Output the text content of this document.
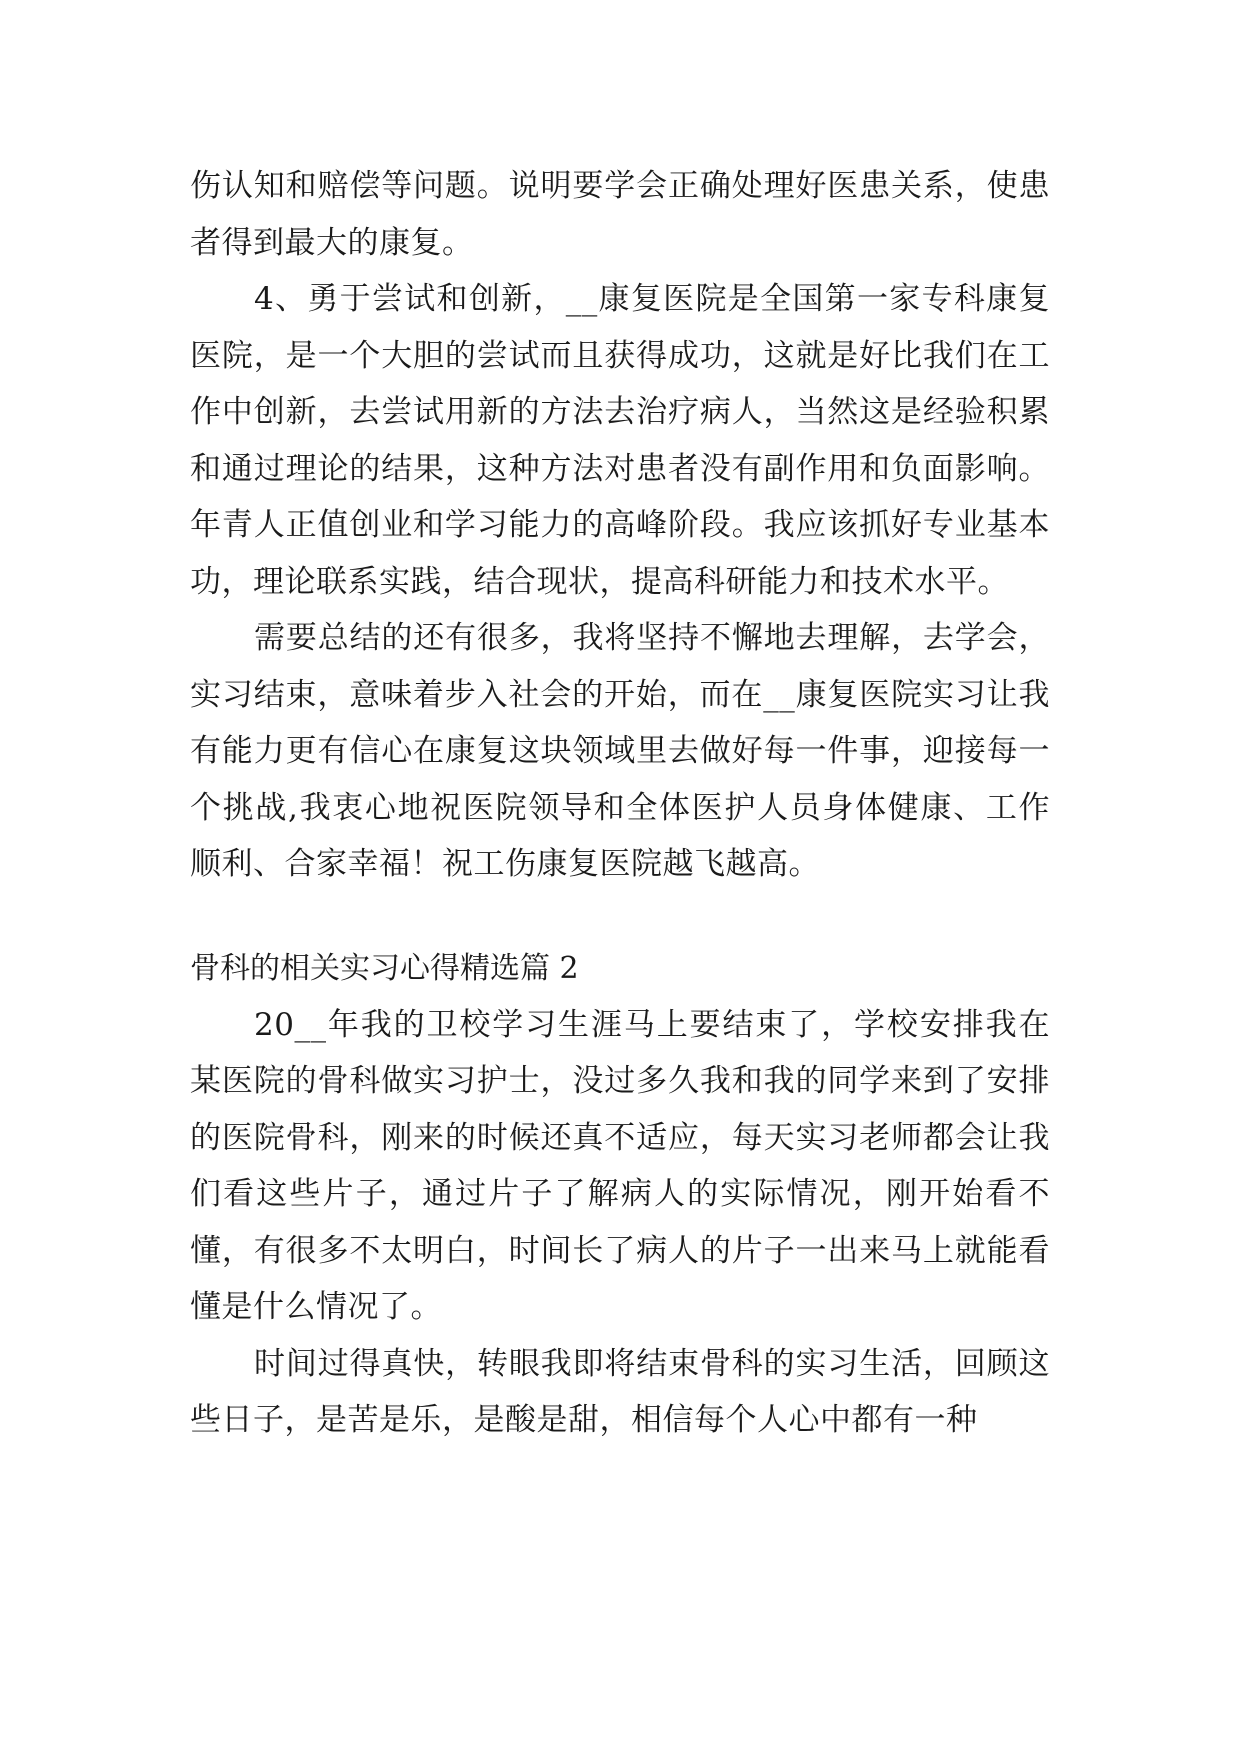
伤认知和赔偿等问题。说明要学会正确处理好医患关系，使患者得到最大的康复。

4、勇于尝试和创新，__康复医院是全国第一家专科康复医院，是一个大胆的尝试而且获得成功，这就是好比我们在工作中创新，去尝试用新的方法去治疗病人，当然这是经验积累和通过理论的结果，这种方法对患者没有副作用和负面影响。年青人正值创业和学习能力的高峰阶段。我应该抓好专业基本功，理论联系实践，结合现状，提高科研能力和技术水平。

需要总结的还有很多，我将坚持不懈地去理解，去学会，实习结束，意味着步入社会的开始，而在__康复医院实习让我有能力更有信心在康复这块领域里去做好每一件事，迎接每一个挑战,我衷心地祝医院领导和全体医护人员身体健康、工作顺利、合家幸福！祝工伤康复医院越飞越高。

骨科的相关实习心得精选篇 2

20__年我的卫校学习生涯马上要结束了，学校安排我在某医院的骨科做实习护士，没过多久我和我的同学来到了安排的医院骨科，刚来的时候还真不适应，每天实习老师都会让我们看这些片子，通过片子了解病人的实际情况，刚开始看不懂，有很多不太明白，时间长了病人的片子一出来马上就能看懂是什么情况了。

时间过得真快，转眼我即将结束骨科的实习生活，回顾这些日子，是苦是乐，是酸是甜，相信每个人心中都有一种
